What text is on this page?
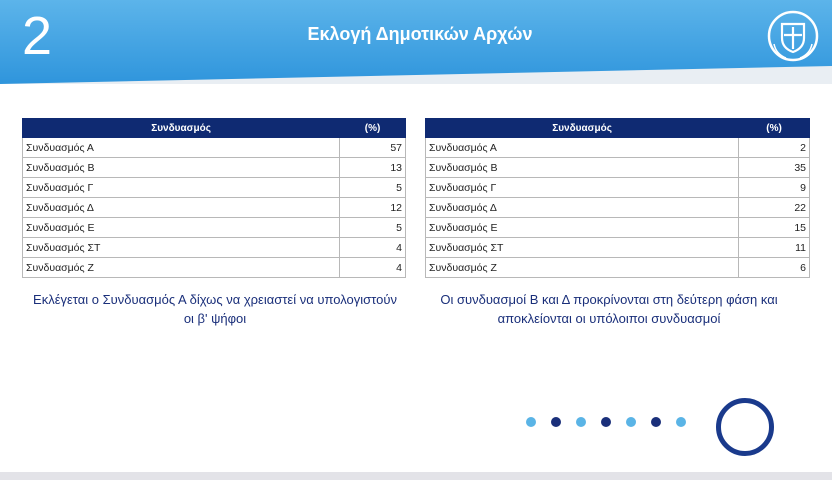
2	Εκλογή Δημοτικών Αρχών
Συνδυασμός	(%)
Συνδυασμός Α	57
Συνδυασμός Β	13
Συνδυασμός Γ	5
Συνδυασμός Δ	12
Συνδυασμός Ε	5
Συνδυασμός ΣΤ	4
Συνδυασμός Ζ	4
Συνδυασμός	(%)
Συνδυασμός Α	2
Συνδυασμός Β	35
Συνδυασμός Γ	9
Συνδυασμός Δ	22
Συνδυασμός Ε	15
Συνδυασμός ΣΤ	11
Συνδυασμός Ζ	6
Εκλέγεται ο Συνδυασμός Α δίχως να χρειαστεί να υπολογιστούν οι β' ψήφοι
Οι συνδυασμοί Β και Δ προκρίνονται στη δεύτερη φάση και αποκλείονται οι υπόλοιποι συνδυασμοί
